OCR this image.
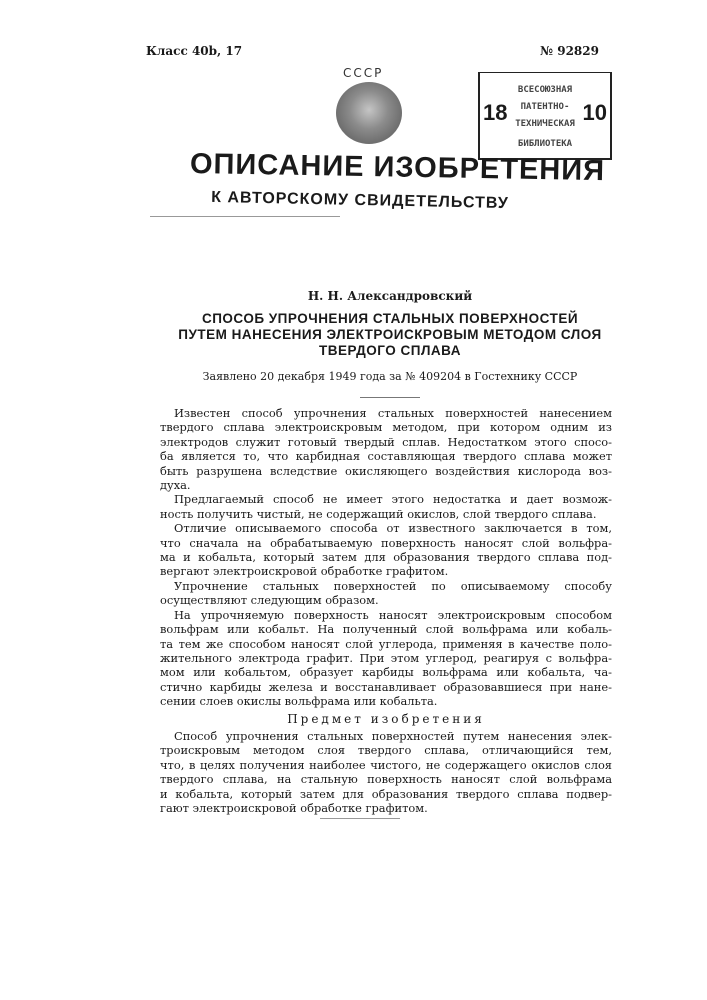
Класс 40b, 17	№ 92829
СССР
18
ВСЕСОЮЗНАЯ
ПАТЕНТНО-
ТЕХНИЧЕСКАЯ
БИБЛИОТЕКА
10
ОПИСАНИЕ ИЗОБРЕТЕНИЯ
К АВТОРСКОМУ СВИДЕТЕЛЬСТВУ
Н. Н. Александровский
СПОСОБ УПРОЧНЕНИЯ СТАЛЬНЫХ ПОВЕРХНОСТЕЙ
ПУТЕМ НАНЕСЕНИЯ ЭЛЕКТРОИСКРОВЫМ МЕТОДОМ СЛОЯ
ТВЕРДОГО СПЛАВА
Заявлено 20 декабря 1949 года за № 409204 в Гостехнику СССР
Известен способ упрочнения стальных поверхностей нанесением
твердого сплава электроискровым методом, при котором одним из
электродов служит готовый твердый сплав. Недостатком этого спосо-
ба является то, что карбидная составляющая твердого сплава может
быть разрушена вследствие окисляющего воздействия кислорода воз-
духа.
Предлагаемый способ не имеет этого недостатка и дает возмож-
ность получить чистый, не содержащий окислов, слой твердого сплава.
Отличие описываемого способа от известного заключается в том,
что сначала на обрабатываемую поверхность наносят слой вольфра-
ма и кобальта, который затем для образования твердого сплава под-
вергают электроискровой обработке графитом.
Упрочнение стальных поверхностей по описываемому способу
осуществляют следующим образом.
На упрочняемую поверхность наносят электроискровым способом
вольфрам или кобальт. На полученный слой вольфрама или кобаль-
та тем же способом наносят слой углерода, применяя в качестве поло-
жительного электрода графит. При этом углерод, реагируя с вольфра-
мом или кобальтом, образует карбиды вольфрама или кобальта, ча-
стично карбиды железа и восстанавливает образовавшиеся при нане-
сении слоев окислы вольфрама или кобальта.
Предмет изобретения
Способ упрочнения стальных поверхностей путем нанесения элек-
троискровым методом слоя твердого сплава, отличающийся тем,
что, в целях получения наиболее чистого, не содержащего окислов слоя
твердого сплава, на стальную поверхность наносят слой вольфрама
и кобальта, который затем для образования твердого сплава подвер-
гают электроискровой обработке графитом.
